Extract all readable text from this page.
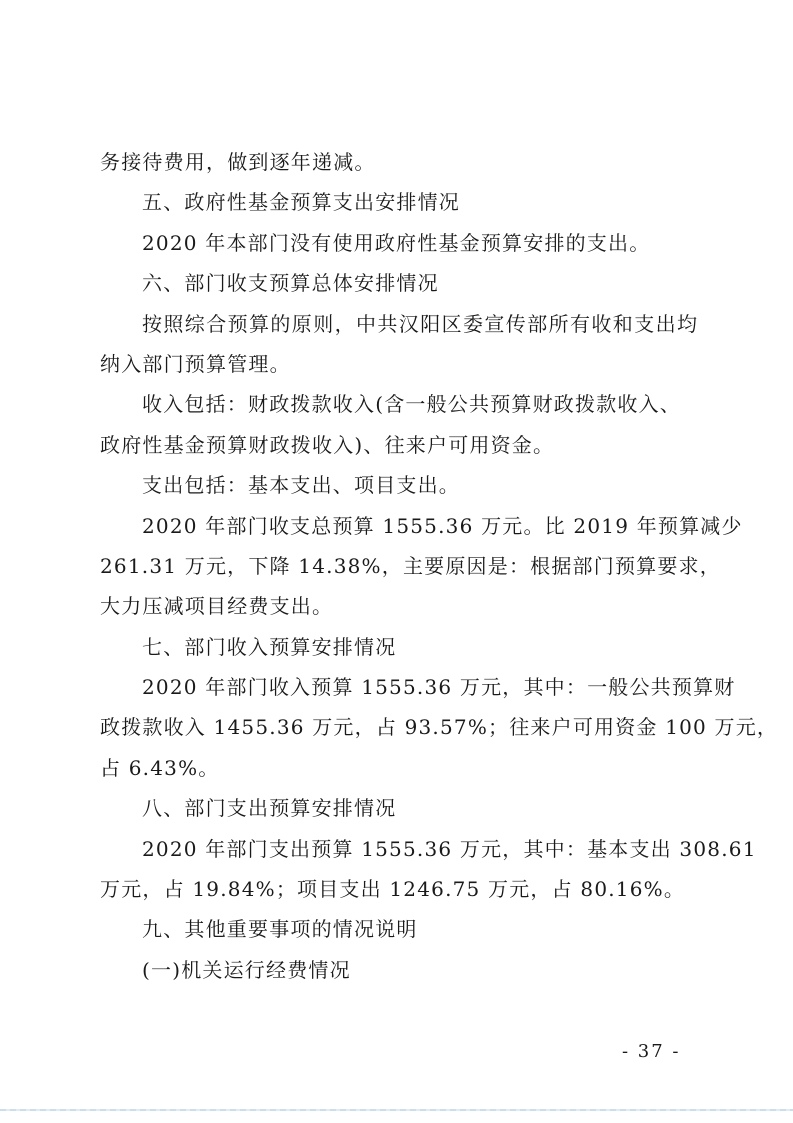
务接待费用，做到逐年递减。
五、政府性基金预算支出安排情况
2020 年本部门没有使用政府性基金预算安排的支出。
六、部门收支预算总体安排情况
按照综合预算的原则，中共汉阳区委宣传部所有收和支出均
纳入部门预算管理。
收入包括：财政拨款收入(含一般公共预算财政拨款收入、
政府性基金预算财政拨收入)、往来户可用资金。
支出包括：基本支出、项目支出。
2020 年部门收支总预算 1555.36 万元。比 2019 年预算减少
261.31 万元，下降 14.38%，主要原因是：根据部门预算要求，
大力压减项目经费支出。
七、部门收入预算安排情况
2020 年部门收入预算 1555.36 万元，其中：一般公共预算财
政拨款收入 1455.36 万元，占 93.57%；往来户可用资金 100 万元，
占 6.43%。
八、部门支出预算安排情况
2020 年部门支出预算 1555.36 万元，其中：基本支出 308.61
万元，占 19.84%；项目支出 1246.75 万元，占 80.16%。
九、其他重要事项的情况说明
(一)机关运行经费情况
- 37 -
